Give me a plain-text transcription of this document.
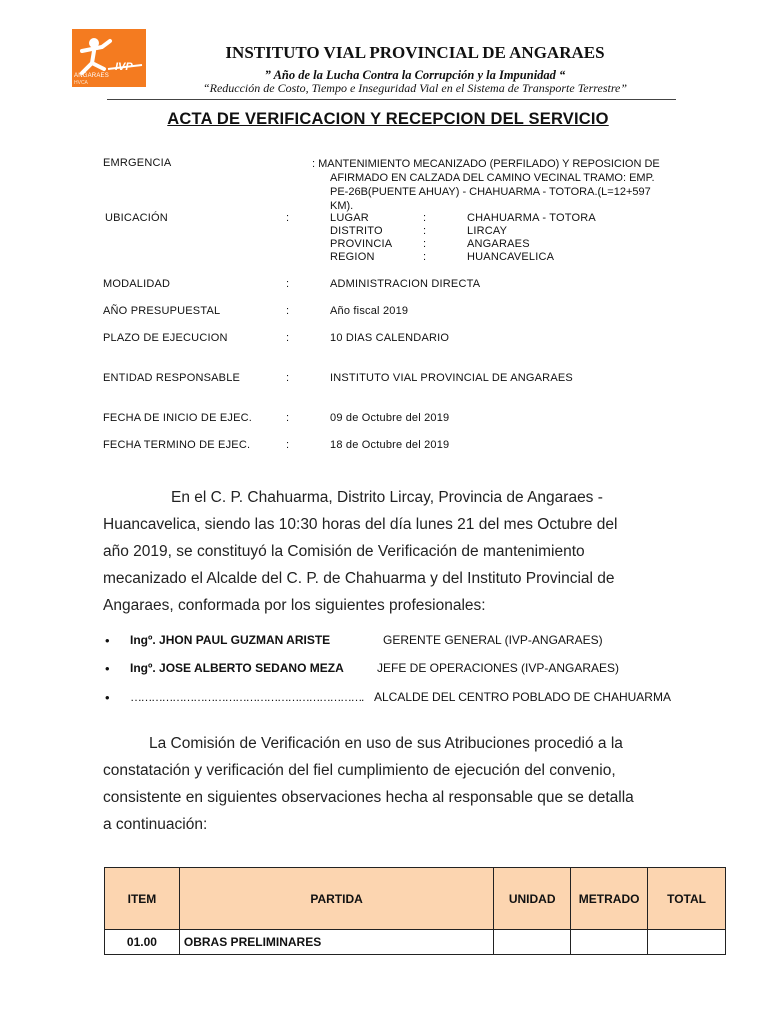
IVP
ANGARAES
HVCA
INSTITUTO VIAL PROVINCIAL DE ANGARAES
” Año de la Lucha Contra la Corrupción y la Impunidad “
“Reducción de Costo, Tiempo e Inseguridad Vial en el Sistema de Transporte Terrestre”
ACTA DE VERIFICACION Y RECEPCION DEL SERVICIO
EMRGENCIA	: MANTENIMIENTO MECANIZADO (PERFILADO) Y REPOSICION DE
AFIRMADO EN CALZADA DEL CAMINO VECINAL TRAMO: EMP.
PE-26B(PUENTE AHUAY) - CHAHUARMA - TOTORA.(L=12+597
KM).
UBICACIÓN	:	LUGAR	:	CHAHUARMA - TOTORA
DISTRITO	:	LIRCAY
PROVINCIA	:	ANGARAES
REGION	:	HUANCAVELICA
MODALIDAD	:	ADMINISTRACION DIRECTA
AÑO PRESUPUESTAL	:	Año fiscal 2019
PLAZO DE EJECUCION	:	10 DIAS CALENDARIO
ENTIDAD RESPONSABLE	:	INSTITUTO VIAL PROVINCIAL DE ANGARAES
FECHA DE INICIO DE EJEC.	:	09 de Octubre del 2019
FECHA TERMINO DE EJEC.	:	18 de Octubre del 2019
En el C. P. Chahuarma, Distrito Lircay, Provincia de Angaraes -
Huancavelica, siendo las 10:30 horas del día lunes 21 del mes Octubre del
año 2019, se constituyó la Comisión de Verificación de mantenimiento
mecanizado el Alcalde del C. P. de Chahuarma y del Instituto Provincial de
Angaraes, conformada por los siguientes profesionales:
• Ingº. JHON PAUL GUZMAN ARISTE	GERENTE GENERAL (IVP-ANGARAES)
• Ingº. JOSE ALBERTO SEDANO MEZA	JEFE DE OPERACIONES (IVP-ANGARAES)
• …………………………………………………………. ALCALDE DEL CENTRO POBLADO DE CHAHUARMA
La Comisión de Verificación en uso de sus Atribuciones procedió a la
constatación y verificación del fiel cumplimiento de ejecución del convenio,
consistente en siguientes observaciones hecha al responsable que se detalla
a continuación:
ITEM	PARTIDA	UNIDAD	METRADO	TOTAL
01.00	OBRAS PRELIMINARES			
